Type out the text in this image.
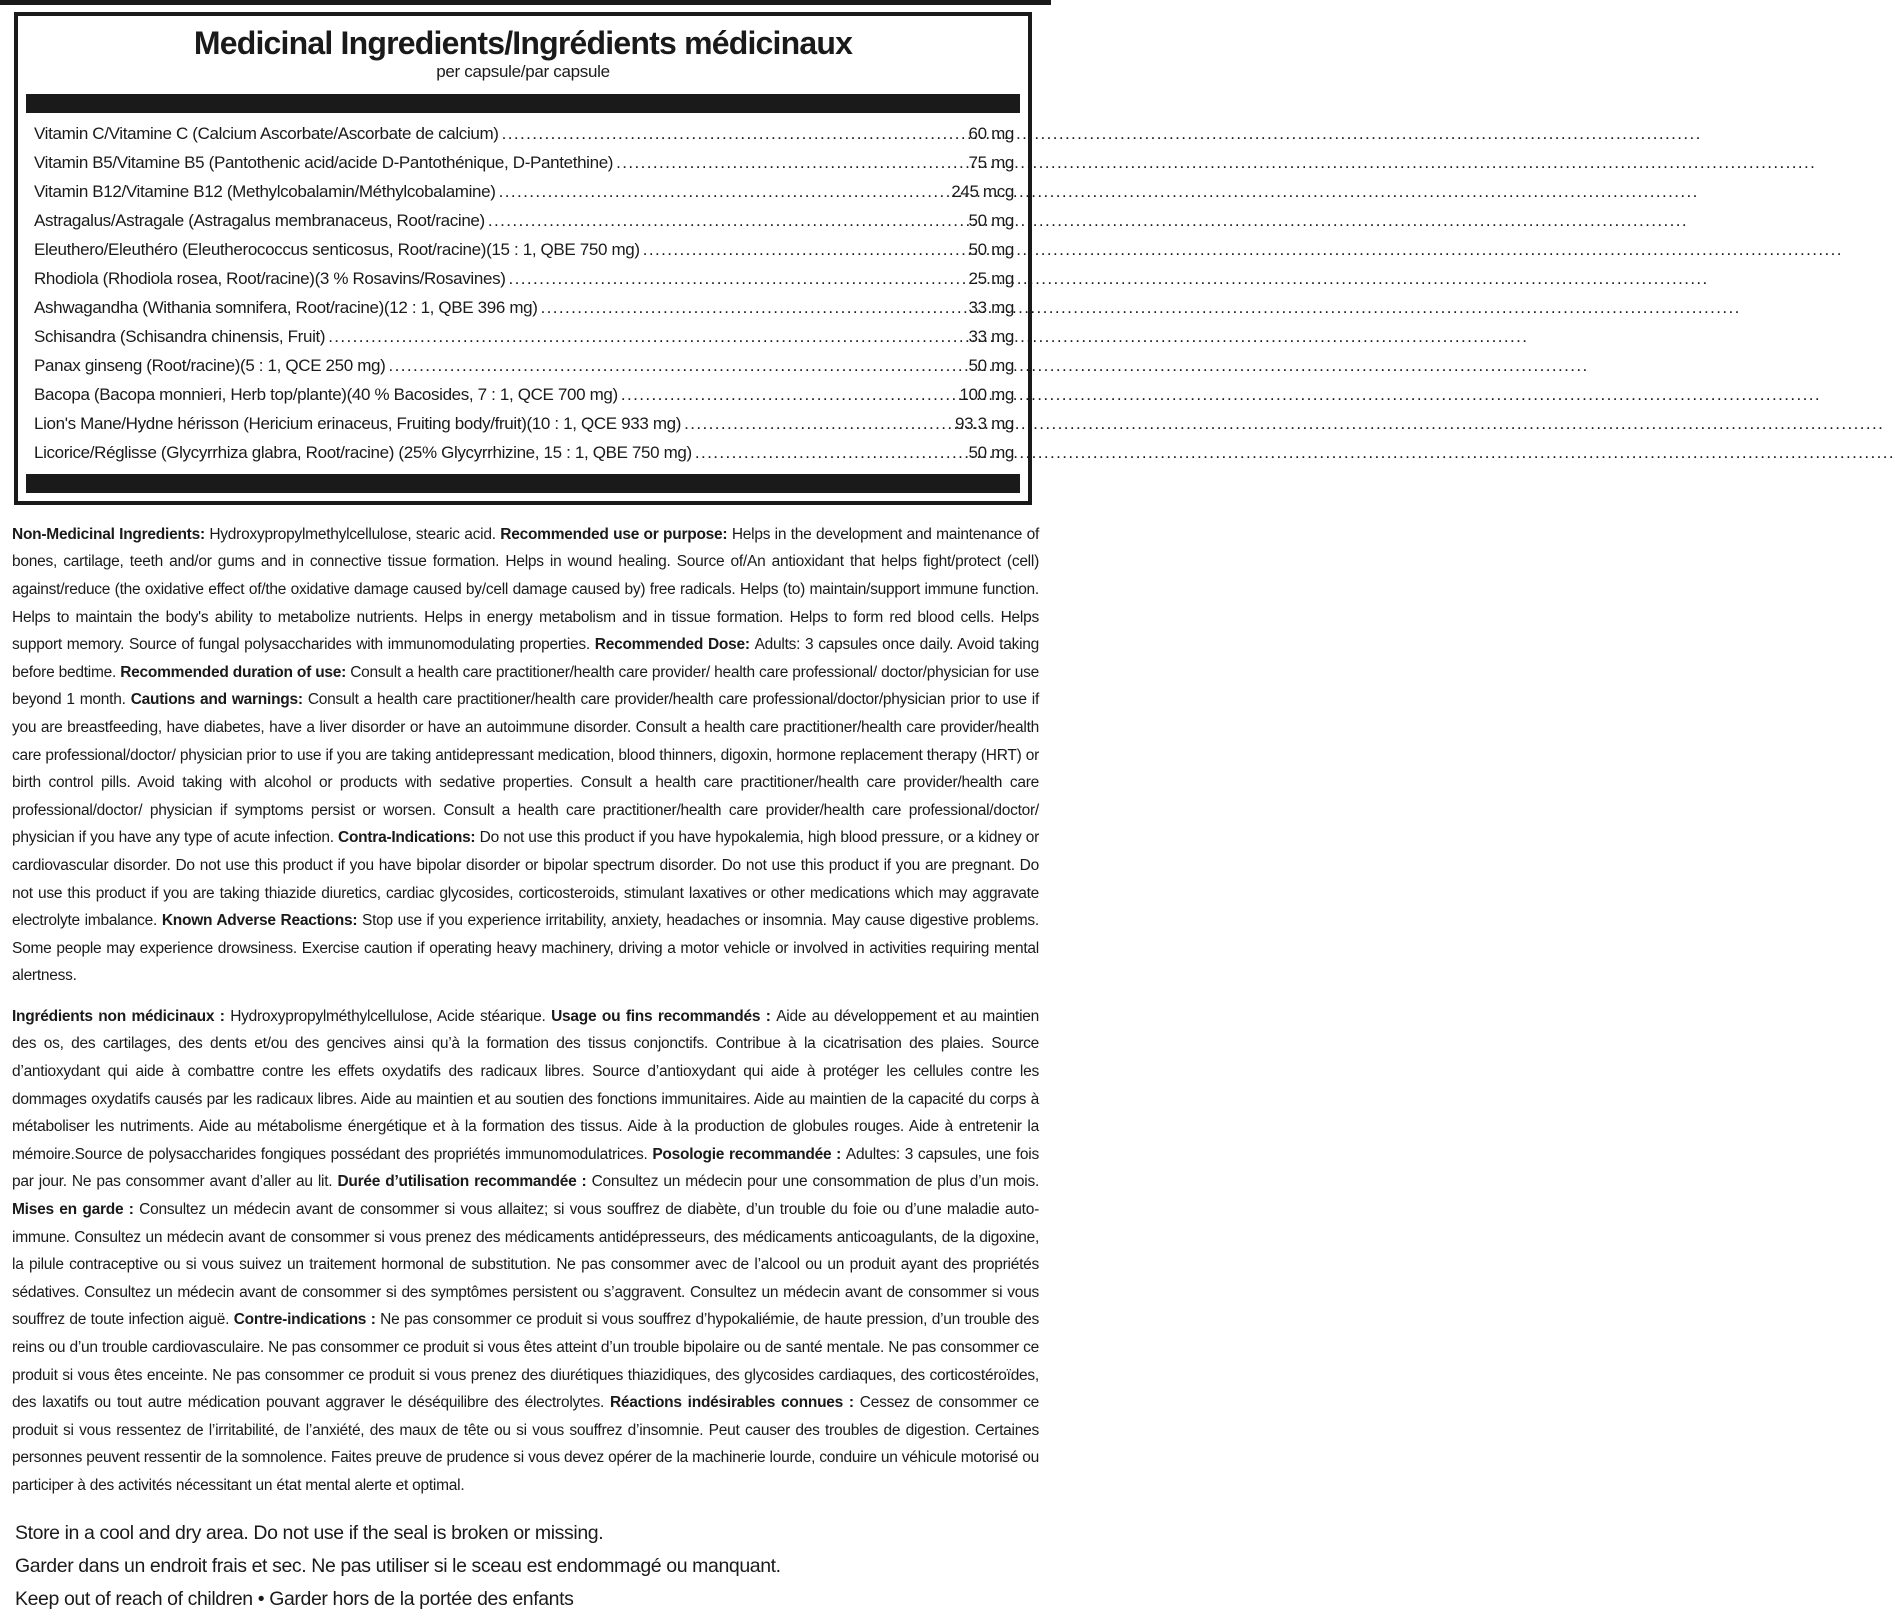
Medicinal Ingredients/Ingrédients médicinaux
per capsule/par capsule
Vitamin C/Vitamine C (Calcium Ascorbate/Ascorbate de calcium) .....	60 mg
Vitamin B5/Vitamine B5 (Pantothenic acid/acide D-Pantothénique, D-Pantethine) .....	75 mg
Vitamin B12/Vitamine B12 (Methylcobalamin/Méthylcobalamine) .....	245 mcg
Astragalus/Astragale (Astragalus membranaceus, Root/racine) .....	50 mg
Eleuthero/Eleuthéro (Eleutherococcus senticosus, Root/racine)(15 : 1, QBE 750 mg) .....	50 mg
Rhodiola (Rhodiola rosea, Root/racine)(3 % Rosavins/Rosavines) .....	25 mg
Ashwagandha (Withania somnifera, Root/racine)(12 : 1, QBE 396 mg) .....	33 mg
Schisandra (Schisandra chinensis, Fruit) .....	33 mg
Panax ginseng (Root/racine)(5 : 1, QCE 250 mg) .....	50 mg
Bacopa (Bacopa monnieri, Herb top/plante)(40 % Bacosides, 7 : 1, QCE 700 mg) .....	100 mg
Lion's Mane/Hydne hérisson (Hericium erinaceus, Fruiting body/fruit)(10 : 1, QCE 933 mg) .....	93.3 mg
Licorice/Réglisse (Glycyrrhiza glabra, Root/racine) (25% Glycyrrhizine, 15 : 1, QBE 750 mg) .....	50 mg
Non-Medicinal Ingredients: Hydroxypropylmethylcellulose, stearic acid. Recommended use or purpose: Helps in the development and maintenance of bones, cartilage, teeth and/or gums and in connective tissue formation. Helps in wound healing. Source of/An antioxidant that helps fight/protect (cell) against/reduce (the oxidative effect of/the oxidative damage caused by/cell damage caused by) free radicals. Helps (to) maintain/support immune function. Helps to maintain the body's ability to metabolize nutrients. Helps in energy metabolism and in tissue formation. Helps to form red blood cells. Helps support memory. Source of fungal polysaccharides with immunomodulating properties. Recommended Dose: Adults: 3 capsules once daily. Avoid taking before bedtime. Recommended duration of use: Consult a health care practitioner/health care provider/ health care professional/ doctor/physician for use beyond 1 month. Cautions and warnings: Consult a health care practitioner/health care provider/health care professional/doctor/physician prior to use if you are breastfeeding, have diabetes, have a liver disorder or have an autoimmune disorder. Consult a health care practitioner/health care provider/health care professional/doctor/ physician prior to use if you are taking antidepressant medication, blood thinners, digoxin, hormone replacement therapy (HRT) or birth control pills. Avoid taking with alcohol or products with sedative properties. Consult a health care practitioner/health care provider/health care professional/doctor/ physician if symptoms persist or worsen. Consult a health care practitioner/health care provider/health care professional/doctor/ physician if you have any type of acute infection. Contra-Indications: Do not use this product if you have hypokalemia, high blood pressure, or a kidney or cardiovascular disorder. Do not use this product if you have bipolar disorder or bipolar spectrum disorder. Do not use this product if you are pregnant. Do not use this product if you are taking thiazide diuretics, cardiac glycosides, corticosteroids, stimulant laxatives or other medications which may aggravate electrolyte imbalance. Known Adverse Reactions: Stop use if you experience irritability, anxiety, headaches or insomnia. May cause digestive problems. Some people may experience drowsiness. Exercise caution if operating heavy machinery, driving a motor vehicle or involved in activities requiring mental alertness.
Ingrédients non médicinaux : Hydroxypropylméthylcellulose, Acide stéarique. Usage ou fins recommandés : Aide au développement et au maintien des os, des cartilages, des dents et/ou des gencives ainsi qu’à la formation des tissus conjonctifs. Contribue à la cicatrisation des plaies. Source d’antioxydant qui aide à combattre contre les effets oxydatifs des radicaux libres. Source d’antioxydant qui aide à protéger les cellules contre les dommages oxydatifs causés par les radicaux libres. Aide au maintien et au soutien des fonctions immunitaires. Aide au maintien de la capacité du corps à métaboliser les nutriments. Aide au métabolisme énergétique et à la formation des tissus. Aide à la production de globules rouges. Aide à entretenir la mémoire.Source de polysaccharides fongiques possédant des propriétés immunomodulatrices. Posologie recommandée : Adultes: 3 capsules, une fois par jour. Ne pas consommer avant d’aller au lit. Durée d’utilisation recommandée : Consultez un médecin pour une consommation de plus d’un mois. Mises en garde : Consultez un médecin avant de consommer si vous allaitez; si vous souffrez de diabète, d’un trouble du foie ou d’une maladie auto-immune. Consultez un médecin avant de consommer si vous prenez des médicaments antidépresseurs, des médicaments anticoagulants, de la digoxine, la pilule contraceptive ou si vous suivez un traitement hormonal de substitution. Ne pas consommer avec de l’alcool ou un produit ayant des propriétés sédatives. Consultez un médecin avant de consommer si des symptômes persistent ou s’aggravent. Consultez un médecin avant de consommer si vous souffrez de toute infection aiguë. Contre-indications : Ne pas consommer ce produit si vous souffrez d’hypokaliémie, de haute pression, d’un trouble des reins ou d’un trouble cardiovasculaire. Ne pas consommer ce produit si vous êtes atteint d’un trouble bipolaire ou de santé mentale. Ne pas consommer ce produit si vous êtes enceinte. Ne pas consommer ce produit si vous prenez des diurétiques thiazidiques, des glycosides cardiaques, des corticostéroïdes, des laxatifs ou tout autre médication pouvant aggraver le déséquilibre des électrolytes. Réactions indésirables connues : Cessez de consommer ce produit si vous ressentez de l’irritabilité, de l’anxiété, des maux de tête ou si vous souffrez d’insomnie. Peut causer des troubles de digestion. Certaines personnes peuvent ressentir de la somnolence. Faites preuve de prudence si vous devez opérer de la machinerie lourde, conduire un véhicule motorisé ou participer à des activités nécessitant un état mental alerte et optimal.
Store in a cool and dry area. Do not use if the seal is broken or missing.
Garder dans un endroit frais et sec. Ne pas utiliser si le sceau est endommagé ou manquant.
Keep out of reach of children • Garder hors de la portée des enfants
